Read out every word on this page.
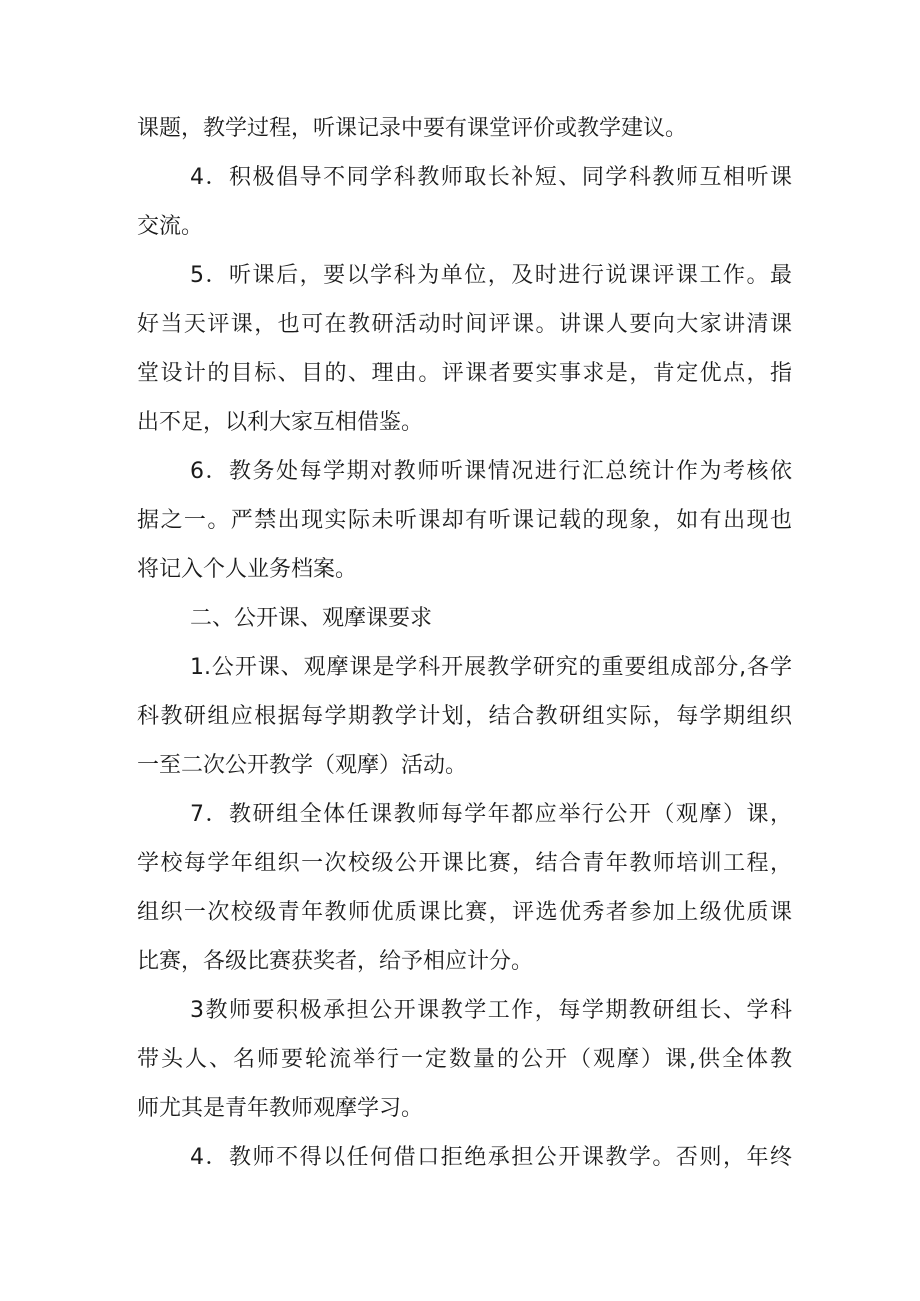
课题，教学过程，听课记录中要有课堂评价或教学建议。
4．积极倡导不同学科教师取长补短、同学科教师互相听课
交流。
5．听课后，要以学科为单位，及时进行说课评课工作。最
好当天评课，也可在教研活动时间评课。讲课人要向大家讲清课
堂设计的目标、目的、理由。评课者要实事求是，肯定优点，指
出不足，以利大家互相借鉴。
6．教务处每学期对教师听课情况进行汇总统计作为考核依
据之一。严禁出现实际未听课却有听课记载的现象，如有出现也
将记入个人业务档案。
二、公开课、观摩课要求
1.公开课、观摩课是学科开展教学研究的重要组成部分,各学
科教研组应根据每学期教学计划，结合教研组实际，每学期组织
一至二次公开教学（观摩）活动。
7．教研组全体任课教师每学年都应举行公开（观摩）课，
学校每学年组织一次校级公开课比赛，结合青年教师培训工程，
组织一次校级青年教师优质课比赛，评选优秀者参加上级优质课
比赛，各级比赛获奖者，给予相应计分。
3教师要积极承担公开课教学工作，每学期教研组长、学科
带头人、名师要轮流举行一定数量的公开（观摩）课,供全体教
师尤其是青年教师观摩学习。
4．教师不得以任何借口拒绝承担公开课教学。否则，年终
